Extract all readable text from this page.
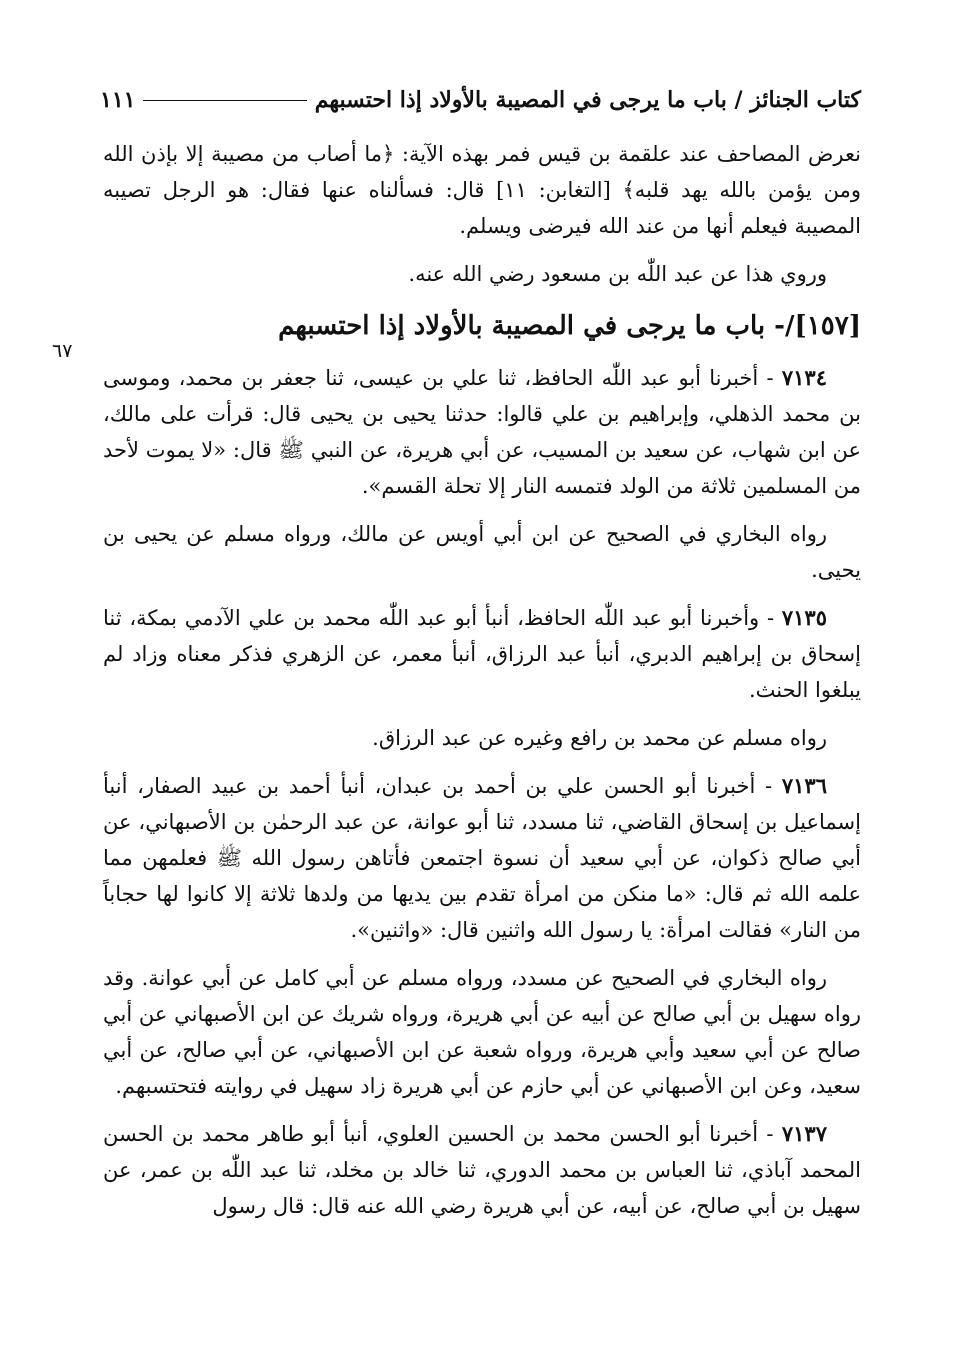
كتاب الجنائز / باب ما يرجى في المصيبة بالأولاد إذا احتسبهم
١١١
٦٧

نعرض المصاحف عند علقمة بن قيس فمر بهذه الآية: ﴿ما أصاب من مصيبة إلا بإذن الله ومن يؤمن بالله يهد قلبه﴾ [التغابن: ١١] قال: فسألناه عنها فقال: هو الرجل تصيبه المصيبة فيعلم أنها من عند الله فيرضى ويسلم.

وروي هذا عن عبد اللّٰه بن مسعود رضي الله عنه.

[١٥٧]/- باب ما يرجى في المصيبة بالأولاد إذا احتسبهم

٧١٣٤ - أخبرنا أبو عبد اللّٰه الحافظ، ثنا علي بن عيسى، ثنا جعفر بن محمد، وموسى بن محمد الذهلي، وإبراهيم بن علي قالوا: حدثنا يحيى بن يحيى قال: قرأت على مالك، عن ابن شهاب، عن سعيد بن المسيب، عن أبي هريرة، عن النبي ﷺ قال: «لا يموت لأحد من المسلمين ثلاثة من الولد فتمسه النار إلا تحلة القسم».

رواه البخاري في الصحيح عن ابن أبي أويس عن مالك، ورواه مسلم عن يحيى بن يحيى.

٧١٣٥ - وأخبرنا أبو عبد اللّٰه الحافظ، أنبأ أبو عبد اللّٰه محمد بن علي الآدمي بمكة، ثنا إسحاق بن إبراهيم الدبري، أنبأ عبد الرزاق، أنبأ معمر، عن الزهري فذكر معناه وزاد لم يبلغوا الحنث.

رواه مسلم عن محمد بن رافع وغيره عن عبد الرزاق.

٧١٣٦ - أخبرنا أبو الحسن علي بن أحمد بن عبدان، أنبأ أحمد بن عبيد الصفار، أنبأ إسماعيل بن إسحاق القاضي، ثنا مسدد، ثنا أبو عوانة، عن عبد الرحمٰن بن الأصبهاني، عن أبي صالح ذكوان، عن أبي سعيد أن نسوة اجتمعن فأتاهن رسول الله ﷺ فعلمهن مما علمه الله ثم قال: «ما منكن من امرأة تقدم بين يديها من ولدها ثلاثة إلا كانوا لها حجاباً من النار» فقالت امرأة: يا رسول الله واثنين قال: «واثنين».

رواه البخاري في الصحيح عن مسدد، ورواه مسلم عن أبي كامل عن أبي عوانة. وقد رواه سهيل بن أبي صالح عن أبيه عن أبي هريرة، ورواه شريك عن ابن الأصبهاني عن أبي صالح عن أبي سعيد وأبي هريرة، ورواه شعبة عن ابن الأصبهاني، عن أبي صالح، عن أبي سعيد، وعن ابن الأصبهاني عن أبي حازم عن أبي هريرة زاد سهيل في روايته فتحتسبهم.

٧١٣٧ - أخبرنا أبو الحسن محمد بن الحسين العلوي، أنبأ أبو طاهر محمد بن الحسن المحمد آباذي، ثنا العباس بن محمد الدوري، ثنا خالد بن مخلد، ثنا عبد اللّٰه بن عمر، عن سهيل بن أبي صالح، عن أبيه، عن أبي هريرة رضي الله عنه قال: قال رسول
